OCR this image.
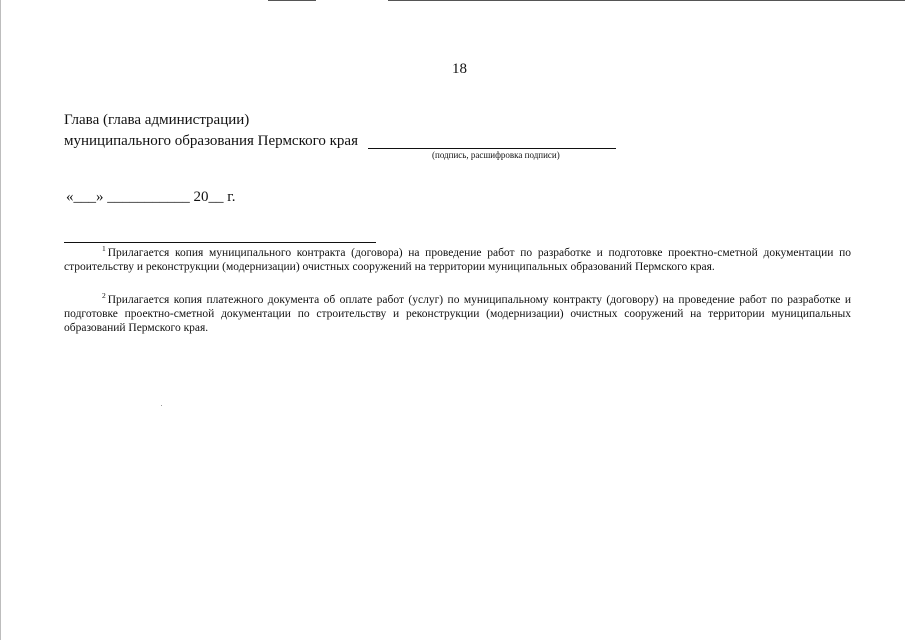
18
Глава (глава администрации)
муниципального образования Пермского края
(подпись, расшифровка подписи)
«___» ___________ 20__ г.
$^1$ Прилагается копия муниципального контракта (договора) на проведение работ по разработке и подготовке проектно-сметной документации по строительству и реконструкции (модернизации) очистных сооружений на территории муниципальных образований Пермского края.
$^2$ Прилагается копия платежного документа об оплате работ (услуг) по муниципальному контракту (договору) на проведение работ по разработке и подготовке проектно-сметной документации по строительству и реконструкции (модернизации) очистных сооружений на территории муниципальных образований Пермского края.
